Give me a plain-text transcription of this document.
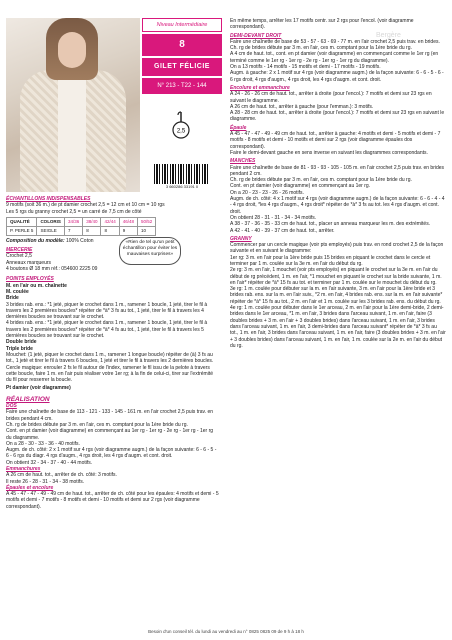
Niveau Intermédiaire
8
GILET FÉLICIE
N° 213 - T22 - 144
2,5
3 660286 33191 0
Bergère

ÉCHANTILLONS INDISPENSABLES

9 motifs (soit 36 m.) de pt damier crochet 2,5 = 12 cm et 10 cm = 10 rgs
Les 5 rgs du granny crochet 2,5 = un carré de 7,5 cm de côté

QUALITÉ	COLORIS	34/36	38/40	42/44	46/48	50/52
P. PERLE 5	SEIGLE	7	8	8	9	10

Composition du modèle: 100% Coton

MERCERIE

Crochet 2,5
Anneaux marqueurs
4 boutons Ø 18 mm réf.: 054600 2225 09

POINTS EMPLOYÉS

M. en l'air ou m. chaînette

M. coulée

Bride

3 brides rab. ens.: *1 jeté, piquer le crochet dans 1 m., ramener 1 boucle, 1 jeté, tirer le fil à travers les 2 premières boucles* répéter de *à* 3 fs au tot., 1 jeté, tirer le fil à travers les 4 dernières boucles se trouvant sur le crochet.

4 brides rab. ens.: *1 jeté, piquer le crochet dans 1 m., ramener 1 boucle, 1 jeté, tirer le fil à travers les 2 premières boucles* répéter de *à* 4 fs au tot., 1 jeté, tirer le fil à travers les 5 dernières boucles se trouvant sur le crochet.

Double bride

Triple bride

Mouchet: (1 jeté, piquer le crochet dans 1 m., ramener 1 longue boucle) répéter de (à) 3 fs au tot., 1 jeté et tirer le fil à travers 6 boucles, 1 jeté et tirer le fil à travers les 2 dernières boucles.

Cercle magique: enrouler 2 fs le fil autour de l'index, ramener le fil issu de la pelote à travers cette boucle, faire 1 m. en l'air puis réaliser votre 1er rg; à la fin de celui-ci, tirer sur l'extrémité du fil pour resserrer la boucle.

Pt damier (voir diagramme)

RÉALISATION

DOS

Faire une chaînette de base de 113 - 121 - 133 - 145 - 161 m. en l'air crochet 2,5 puis trav. en brides pendant 4 cm.

Ch. rg de brides débute par 3 m. en l'air, ces m. comptant pour la 1ère bride du rg.

Cont. en pt damier (voir diagramme) en commençant au 1er rg - 1er rg - 2e rg - 1er rg - 1er rg du diagramme.

On a 28 - 30 - 33 - 36 - 40 motifs.

Augm. de ch. côté: 2 x 1 motif sur 4 rgs (voir diagramme augm.) de la façon suivante: 6 - 6 - 5 - 6 - 6 rgs du diagr. 4 rgs d'augm., 4 rgs droit, les 4 rgs d'augm. et cont. droit.

On obtient 32 - 34 - 37 - 40 - 44 motifs.

Emmanchures

A 26 cm de haut. tot., arrêter de ch. côté: 3 motifs.

Il reste 26 - 28 - 31 - 34 - 38 motifs.

Épaules et encolure

A 45 - 47 - 47 - 49 - 49 cm de haut. tot., arrêter de ch. côté pour les épaules: 4 motifs et demi - 5 motifs et demi - 7 motifs - 8 motifs et demi - 10 motifs et demi sur 2 rgs (voir diagramme correspondant).

«Rien de tel qu'un petit échantillon pour éviter les mauvaises surprises»

En même temps, arrêter les 17 motifs centr. sur 2 rgs pour l'encol. (voir diagramme correspondant).

DEMI-DEVANT DROIT

Faire une chaînette de base de 53 - 57 - 63 - 69 - 77 m. en l'air crochet 2,5 puis trav. en brides.

Ch. rg de brides débute par 3 m. en l'air, ces m. comptant pour la 1ère bride du rg.

A 4 cm de haut. tot., cont. en pt damier (voir diagramme) en commençant comme le 1er rg (en terminé comme le 1er rg - 1er rg - 2e rg - 1er rg - 1er rg du diagramme).

On a 13 motifs - 14 motifs - 15 motifs et demi - 17 motifs - 19 motifs.

Augm. à gauche: 2 x 1 motif sur 4 rgs (voir diagramme augm.) de la façon suivante: 6 - 6 - 5 - 6 - 6 rgs droit, 4 rgs d'augm., 4 rgs droit, les 4 rgs d'augm. et cont. droit.

Encolure et emmanchure

A 24 - 26 - 26 cm de haut. tot., arrêter à droite (pour l'encol.): 7 motifs et demi sur 23 rgs en suivant le diagramme.

A 26 cm de haut. tot., arrêter à gauche (pour l'emman.): 3 motifs.

A 28 - 28 cm de haut. tot., arrêter à droite (pour l'encol.): 7 motifs et demi sur 23 rgs en suivant le diagramme.

Épaule

A 45 - 47 - 47 - 49 - 49 cm de haut. tot., arrêter à gauche: 4 motifs et demi - 5 motifs et demi - 7 motifs - 8 motifs et demi - 10 motifs et demi sur 2 rgs (voir diagramme épaules dos correspondant).

Faire le demi-devant gauche en sens inverse en suivant les diagrammes correspondants.

MANCHES

Faire une chaînette de base de 81 - 93 - 93 - 105 - 105 m. en l'air crochet 2,5 puis trav. en brides pendant 2 cm.

Ch. rg de brides débute par 3 m. en l'air, ces m. comptant pour la 1ère bride du rg.

Cont. en pt damier (voir diagramme) en commençant au 1er rg.

On a 20 - 23 - 23 - 26 - 26 motifs.

Augm. de ch. côté: 4 x 1 motif sur 4 rgs (voir diagramme augm.) de la façon suivante: 6 - 6 - 4 - 4 - 4 rgs droit, *les 4 rgs d'augm., 4 rgs droit* répéter de *à* 3 fs au tot. les 4 rgs d'augm. et cont. droit.

On obtient 28 - 31 - 31 - 34 - 34 motifs.

A 38 - 37 - 36 - 35 - 33 cm de haut. tot., placer un anneau marqueur les m. des extrémités.

A 42 - 41 - 40 - 39 - 37 cm de haut. tot., arrêter.

GRANNY

Commencer par un cercle magique (voir pts employés) puis trav. en rond crochet 2,5 de la façon suivante et en suivant le diagramme:

1er rg: 3 m. en l'air pour la 1ère bride puis 15 brides en piquant le crochet dans le cercle et terminer par 1 m. coulée sur la 3e m. en l'air du début du rg.

2e rg: 3 m. en l'air, 1 mouchet (voir pts employés) en piquant le crochet sur la 3e m. en l'air du début de rg précédent, 1 m. en l'air, *1 mouchet en piquant le crochet sur la bride suivante, 1 m. en l'air* répéter de *à* 15 fs au tot. et terminer par 1 m. coulée sur le mouchet du début du rg.

3e rg: 1 m. coulée pour débuter sur la m. en l'air suivante, 3 m. en l'air pour la 1ère bride et 3 brides rab. ens. sur la m. en l'air suiv., *2 m. en l'air, 4 brides rab. ens. sur la m. en l'air suivante* répéter de *à* 15 fs au tot., 2 m. en l'air et 1 m. coulée sur les 3 brides rab. ens. du début du rg.

4e rg: 1 m. coulée pour débuter dans le 1er arceau, 2 m. en l'air pour la 1ère demi-bride, 2 demi-brides dans le 1er arceau, *1 m. en l'air, 3 brides dans l'arceau suivant, 1 m. en l'air, faire (3 doubles brides + 3 m. en l'air + 3 doubles brides) dans l'arceau suivant, 1 m. en l'air, 3 brides dans l'arceau suivant, 1 m. en l'air, 3 demi-brides dans l'arceau suivant* répéter de *à* 3 fs au tot., 1 m. en l'air, 3 brides dans l'arceau suivant, 1 m. en l'air, faire (3 doubles brides + 3 m. en l'air + 3 doubles brides) dans l'arceau suivant, 1 m. en l'air, 1 m. coulée sur la 2e m. en l'air du début du rg.

Besoin d'un conseil tél. du lundi au vendredi au n° 0825 0825 09 de 9 h à 18 h
